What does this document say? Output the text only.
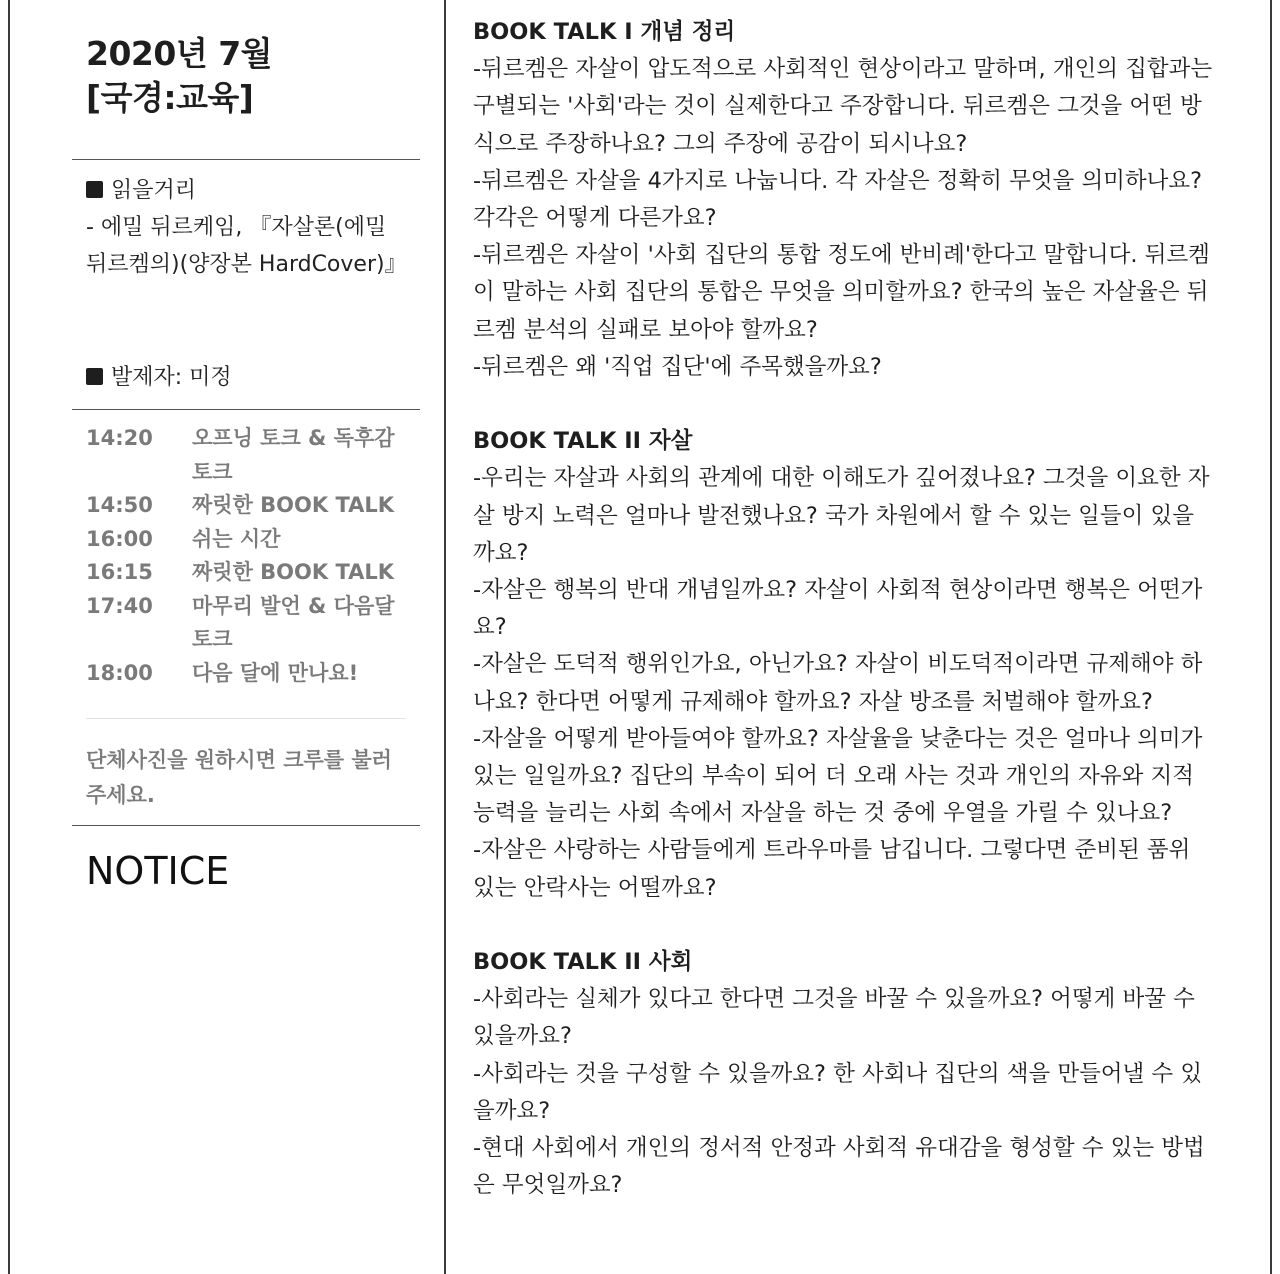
2020년 7월
[국경:교육]
읽을거리
- 에밀 뒤르케임, 『자살론(에밀 뒤르켐의)(양장본 HardCover)』
발제자: 미정
14:20	오프닝 토크 & 독후감 토크
14:50	짜릿한 BOOK TALK
16:00	쉬는 시간
16:15	짜릿한 BOOK TALK
17:40	마무리 발언 & 다음달 토크
18:00	다음 달에 만나요!
단체사진을 원하시면 크루를 불러주세요.
NOTICE
BOOK TALK I 개념 정리

-뒤르켐은 자살이 압도적으로 사회적인 현상이라고 말하며, 개인의 집합과는 구별되는 '사회'라는 것이 실제한다고 주장합니다. 뒤르켐은 그것을 어떤 방식으로 주장하나요? 그의 주장에 공감이 되시나요?

-뒤르켐은 자살을 4가지로 나눕니다. 각 자살은 정확히 무엇을 의미하나요? 각각은 어떻게 다른가요?

-뒤르켐은 자살이 '사회 집단의 통합 정도에 반비례'한다고 말합니다. 뒤르켐이 말하는 사회 집단의 통합은 무엇을 의미할까요? 한국의 높은 자살율은 뒤르켐 분석의 실패로 보아야 할까요?

-뒤르켐은 왜 '직업 집단'에 주목했을까요?

BOOK TALK II 자살

-우리는 자살과 사회의 관계에 대한 이해도가 깊어졌나요? 그것을 이요한 자살 방지 노력은 얼마나 발전했나요? 국가 차원에서 할 수 있는 일들이 있을까요?

-자살은 행복의 반대 개념일까요? 자살이 사회적 현상이라면 행복은 어떤가요?

-자살은 도덕적 행위인가요, 아닌가요? 자살이 비도덕적이라면 규제해야 하나요? 한다면 어떻게 규제해야 할까요? 자살 방조를 처벌해야 할까요?

-자살을 어떻게 받아들여야 할까요? 자살율을 낮춘다는 것은 얼마나 의미가 있는 일일까요? 집단의 부속이 되어 더 오래 사는 것과 개인의 자유와 지적 능력을 늘리는 사회 속에서 자살을 하는 것 중에 우열을 가릴 수 있나요?

-자살은 사랑하는 사람들에게 트라우마를 남깁니다. 그렇다면 준비된 품위 있는 안락사는 어떨까요?

BOOK TALK II 사회

-사회라는 실체가 있다고 한다면 그것을 바꿀 수 있을까요? 어떻게 바꿀 수 있을까요?

-사회라는 것을 구성할 수 있을까요? 한 사회나 집단의 색을 만들어낼 수 있을까요?

-현대 사회에서 개인의 정서적 안정과 사회적 유대감을 형성할 수 있는 방법은 무엇일까요?
